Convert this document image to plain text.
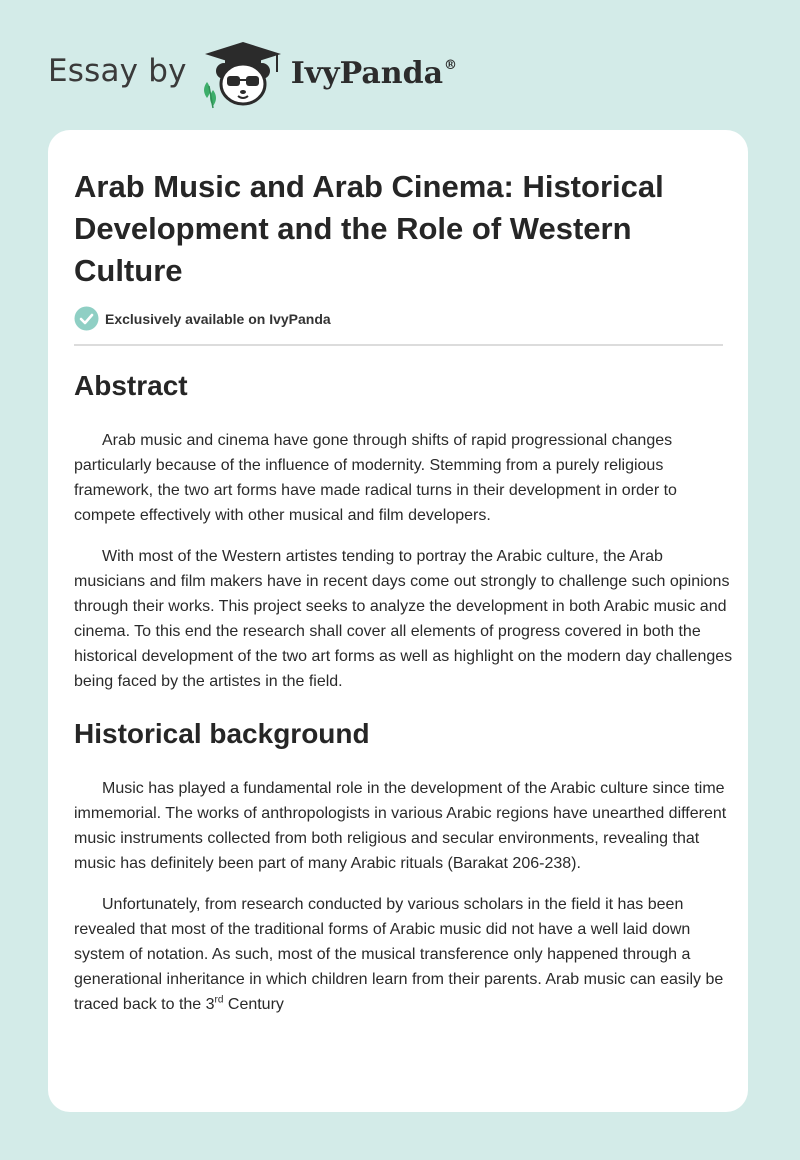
Essay by	IvyPanda®
Arab Music and Arab Cinema: Historical Development and the Role of Western Culture
Exclusively available on IvyPanda
Abstract

Arab music and cinema have gone through shifts of rapid progressional changes particularly because of the influence of modernity. Stemming from a purely religious framework, the two art forms have made radical turns in their development in order to compete effectively with other musical and film developers.

With most of the Western artistes tending to portray the Arabic culture, the Arab musicians and film makers have in recent days come out strongly to challenge such opinions through their works. This project seeks to analyze the development in both Arabic music and cinema. To this end the research shall cover all elements of progress covered in both the historical development of the two art forms as well as highlight on the modern day challenges being faced by the artistes in the field.

Historical background

Music has played a fundamental role in the development of the Arabic culture since time immemorial. The works of anthropologists in various Arabic regions have unearthed different music instruments collected from both religious and secular environments, revealing that music has definitely been part of many Arabic rituals (Barakat 206-238).

Unfortunately, from research conducted by various scholars in the field it has been revealed that most of the traditional forms of Arabic music did not have a well laid down system of notation. As such, most of the musical transference only happened through a generational inheritance in which children learn from their parents. Arab music can easily be traced back to the 3rd Century
